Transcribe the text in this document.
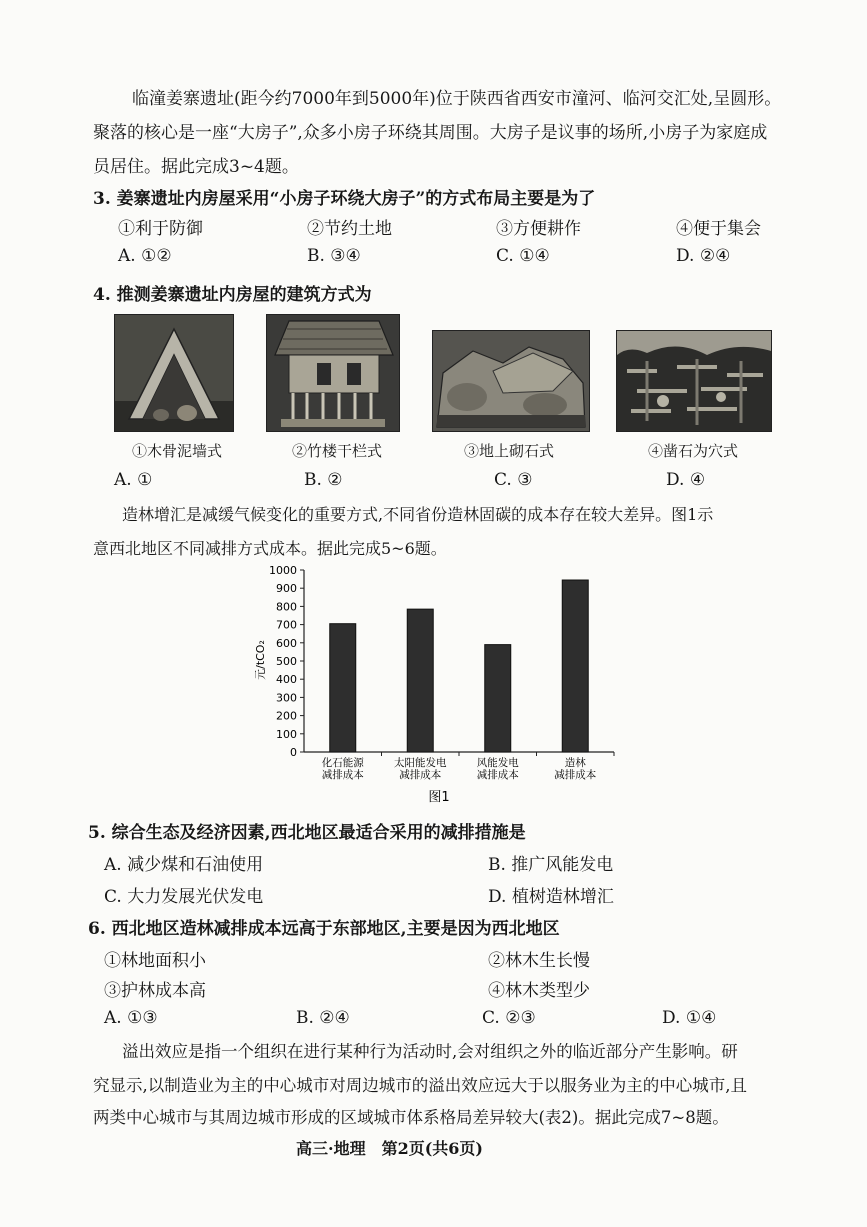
临潼姜寨遗址(距今约7000年到5000年)位于陕西省西安市潼河、临河交汇处,呈圆形。
聚落的核心是一座“大房子”,众多小房子环绕其周围。大房子是议事的场所,小房子为家庭成
员居住。据此完成3~4题。
3. 姜寨遗址内房屋采用“小房子环绕大房子”的方式布局主要是为了
①利于防御	②节约土地	③方便耕作	④便于集会
A. ①②	B. ③④	C. ①④	D. ②④
4. 推测姜寨遗址内房屋的建筑方式为
①木骨泥墙式	②竹楼干栏式	③地上砌石式	④凿石为穴式
A. ①	B. ②	C. ③	D. ④
造林增汇是减缓气候变化的重要方式,不同省份造林固碳的成本存在较大差异。图1示
意西北地区不同减排方式成本。据此完成5~6题。
元/tCO₂
0
100
200
300
400
500
600
700
800
900
1000
化石能源
减排成本
太阳能发电
减排成本
风能发电
减排成本
造林
减排成本
图1
5. 综合生态及经济因素,西北地区最适合采用的减排措施是
A. 减少煤和石油使用	B. 推广风能发电
C. 大力发展光伏发电	D. 植树造林增汇
6. 西北地区造林减排成本远高于东部地区,主要是因为西北地区
①林地面积小	②林木生长慢
③护林成本高	④林木类型少
A. ①③	B. ②④	C. ②③	D. ①④
溢出效应是指一个组织在进行某种行为活动时,会对组织之外的临近部分产生影响。研
究显示,以制造业为主的中心城市对周边城市的溢出效应远大于以服务业为主的中心城市,且
两类中心城市与其周边城市形成的区域城市体系格局差异较大(表2)。据此完成7~8题。
高三·地理　第2页(共6页)
